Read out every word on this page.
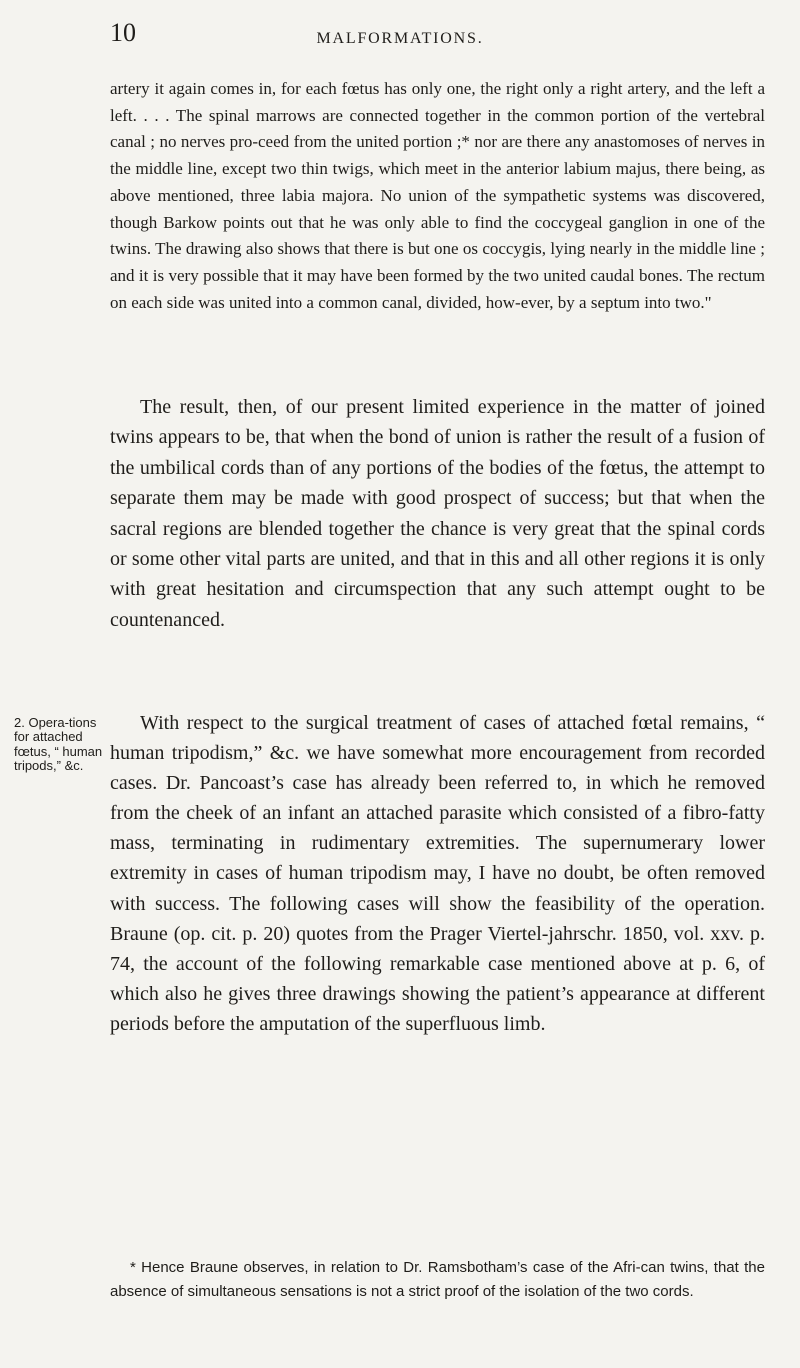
10	MALFORMATIONS.
artery it again comes in, for each fœtus has only one, the right only a right artery, and the left a left. . . . The spinal marrows are connected together in the common portion of the vertebral canal ; no nerves pro-ceed from the united portion ;* nor are there any anastomoses of nerves in the middle line, except two thin twigs, which meet in the anterior labium majus, there being, as above mentioned, three labia majora. No union of the sympathetic systems was discovered, though Barkow points out that he was only able to find the coccygeal ganglion in one of the twins. The drawing also shows that there is but one os coccygis, lying nearly in the middle line ; and it is very possible that it may have been formed by the two united caudal bones. The rectum on each side was united into a common canal, divided, how-ever, by a septum into two."

The result, then, of our present limited experience in the matter of joined twins appears to be, that when the bond of union is rather the result of a fusion of the umbilical cords than of any portions of the bodies of the fœtus, the attempt to separate them may be made with good prospect of success; but that when the sacral regions are blended together the chance is very great that the spinal cords or some other vital parts are united, and that in this and all other regions it is only with great hesitation and circumspection that any such attempt ought to be countenanced.

With respect to the surgical treatment of cases of attached fœtal remains, “ human tripodism,” &c. we have somewhat more encouragement from recorded cases. Dr. Pancoast’s case has already been referred to, in which he removed from the cheek of an infant an attached parasite which consisted of a fibro-fatty mass, terminating in rudimentary extremities. The supernumerary lower extremity in cases of human tripodism may, I have no doubt, be often removed with success. The following cases will show the feasibility of the operation. Braune (op. cit. p. 20) quotes from the Prager Viertel-jahrschr. 1850, vol. xxv. p. 74, the account of the following remarkable case mentioned above at p. 6, of which also he gives three drawings showing the patient’s appearance at different periods before the amputation of the superfluous limb.

2. Opera-tions for attached fœtus, “ human tripods,” &c.
* Hence Braune observes, in relation to Dr. Ramsbotham’s case of the Afri-can twins, that the absence of simultaneous sensations is not a strict proof of the isolation of the two cords.
